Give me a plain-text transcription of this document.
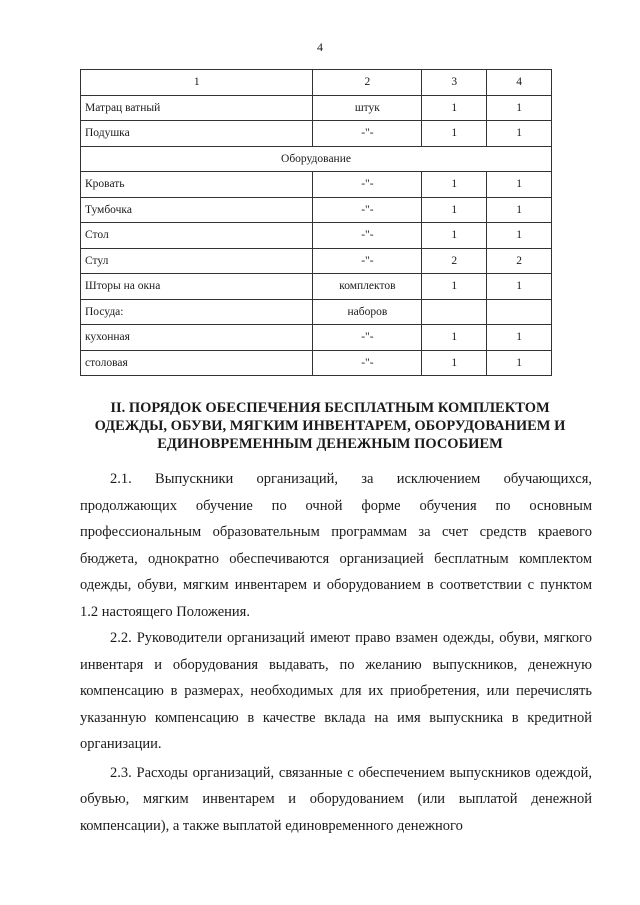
4
1	2	3	4
Матрац ватный	штук	1	1
Подушка	-"-	1	1
Оборудование			
Кровать	-"-	1	1
Тумбочка	-"-	1	1
Стол	-"-	1	1
Стул	-"-	2	2
Шторы на окна	комплектов	1	1
Посуда:	наборов		
кухонная	-"-	1	1
столовая	-"-	1	1
II. ПОРЯДОК ОБЕСПЕЧЕНИЯ БЕСПЛАТНЫМ КОМПЛЕКТОМ ОДЕЖДЫ, ОБУВИ, МЯГКИМ ИНВЕНТАРЕМ, ОБОРУДОВАНИЕМ И ЕДИНОВРЕМЕННЫМ ДЕНЕЖНЫМ ПОСОБИЕМ

2.1. Выпускники организаций, за исключением обучающихся, продолжающих обучение по очной форме обучения по основным профессиональным образовательным программам за счет средств краевого бюджета, однократно обеспечиваются организацией бесплатным комплектом одежды, обуви, мягким инвентарем и оборудованием в соответствии с пунктом 1.2 настоящего Положения.

2.2. Руководители организаций имеют право взамен одежды, обуви, мягкого инвентаря и оборудования выдавать, по желанию выпускников, денежную компенсацию в размерах, необходимых для их приобретения, или перечислять указанную компенсацию в качестве вклада на имя выпускника в кредитной организации.

2.3. Расходы организаций, связанные с обеспечением выпускников одеждой, обувью, мягким инвентарем и оборудованием (или выплатой денежной компенсации), а также выплатой единовременного денежного
